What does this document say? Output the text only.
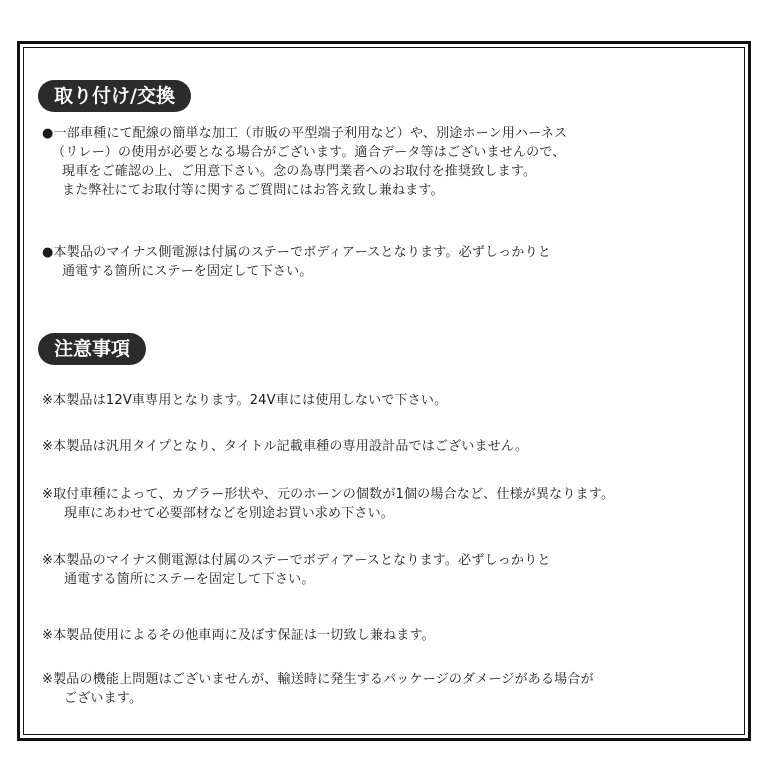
取り付け/交換
●一部車種にて配線の簡単な加工（市販の平型端子利用など）や、別途ホーン用ハーネス
（リレー）の使用が必要となる場合がございます。適合データ等はございませんので、
現車をご確認の上、ご用意下さい。念の為専門業者へのお取付を推奨致します。
また弊社にてお取付等に関するご質問にはお答え致し兼ねます。
●本製品のマイナス側電源は付属のステーでボディアースとなります。必ずしっかりと
通電する箇所にステーを固定して下さい。
注意事項
※本製品は12V車専用となります。24V車には使用しないで下さい。
※本製品は汎用タイプとなり、タイトル記載車種の専用設計品ではございません。
※取付車種によって、カプラー形状や、元のホーンの個数が1個の場合など、仕様が異なります。
現車にあわせて必要部材などを別途お買い求め下さい。
※本製品のマイナス側電源は付属のステーでボディアースとなります。必ずしっかりと
通電する箇所にステーを固定して下さい。
※本製品使用によるその他車両に及ぼす保証は一切致し兼ねます。
※製品の機能上問題はございませんが、輸送時に発生するパッケージのダメージがある場合が
ございます。
